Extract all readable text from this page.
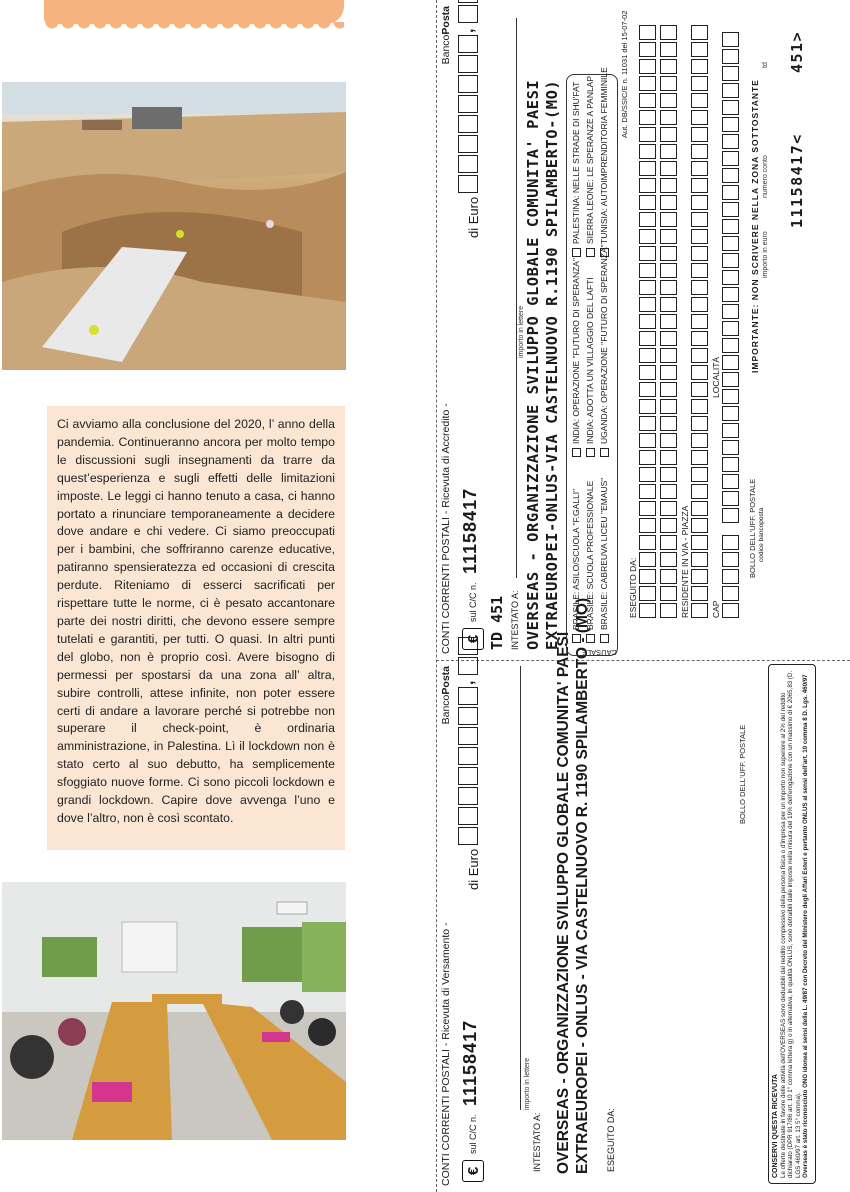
Ci avviamo alla conclusione del 2020, l’ anno della pandemia. Continueranno ancora per molto tempo le discussioni sugli insegnamenti da trarre da quest’esperienza e sugli effetti delle limitazioni imposte. Le leggi ci hanno tenuto a casa, ci hanno portato a rinunciare temporaneamente a decidere dove andare e chi vedere. Ci siamo preoccupati per i bambini, che soffriranno carenze educative, patiranno spensieratezza ed occasioni di crescita perdute. Riteniamo di esserci sacrificati per rispettare tutte le norme, ci è pesato accantonare parte dei nostri diritti, che devono essere sempre tutelati e garantiti, per tutti. O quasi. In altri punti del globo, non è proprio così. Avere bisogno di permessi per spostarsi da una zona all’ altra, subire controlli, attese infinite, non poter essere certi di andare a lavorare perché si potrebbe non superare il check-point, è ordinaria amministrazione, in Palestina. Lì il lockdown non è stato certo al suo debutto, ha semplicemente sfoggiato nuove forme. Ci sono piccoli lockdown e grandi lockdown. Capire dove avvenga l’uno e dove l’altro, non è così scontato.

CONTI CORRENTI POSTALI - Ricevuta di Versamento -
BancoPosta
€
sul C/C n.
11158417
di Euro
,
importo in lettere
INTESTATO A: OVERSEAS - ORGANIZZAZIONE SVILUPPO GLOBALE COMUNITA' PAESI EXTRAEUROPEI - ONLUS - VIA CASTELNUOVO R. 1190 SPILAMBERTO - (MO) ESEGUITO DA:
BOLLO DELL'UFF. POSTALE
CONSERVI QUESTA RICEVUTA
Le offerte destinate in favore delle attività dell'OVERSEAS sono deducibili dal reddito complessivo della persona fisica o d'impresa per un importo non superiore al 2% del reddito dichiarato (DPR 917/86 art. 10 1° comma lettera g) o in alternativa, in qualità ONLUS, sono detraibili dalle imposte nella misura del 19% dell'erogazione con un massimo di € 2065,83 (D. LGS 460/97 art. 13 5° comma).
Overseas è stato riconosciuto ONG idonea al sensi della L. 49/87 con Decreto del Ministero degli Affari Esteri e pertanto ONLUS al sensi dell'art. 10 comma 8 D. Lgs. 460/97
CONTI CORRENTI POSTALI - Ricevuta di Accredito -
BancoPosta
€
sul C/C n.
11158417
di Euro
,
TD 451
importo in lettere
INTESTATO A: OVERSEAS - ORGANIZZAZIONE SVILUPPO GLOBALE COMUNITA' PAESI EXTRAEUROPEI-ONLUS-VIA CASTELNUOVO R.1190 SPILAMBERTO-(MO)
CAUSALE
BRASILE: ASILO/SCUOLA "F.GALLI" BRASILE: SCUOLA PROFESSIONALE BRASILE: CABREUVA LICEU "EMAUS"
INDIA: OPERAZIONE "FUTURO DI SPERANZA" INDIA: ADOTTA UN VILLAGGIO DEL LAFTI UGANDA: OPERAZIONE "FUTURO DI SPERANZA"
PALESTINA: NELLE STRADE DI SHU'FAT SIERRA LEONE: LE SPERANZE A PANLAP TUNISIA: AUTOIMPRENDITORIA FEMMINILE Aut. DB/SSIC/E n. 11031 del 15-07-02
ESEGUITO DA:	RESIDENTE IN VIA - PIAZZA CAP
LOCALITÀ
BOLLO DELL'UFF. POSTALE codice bancoposta
IMPORTANTE: NON SCRIVERE NELLA ZONA SOTTOSTANTE importo in euro
numero conto
td
11158417<
451>
